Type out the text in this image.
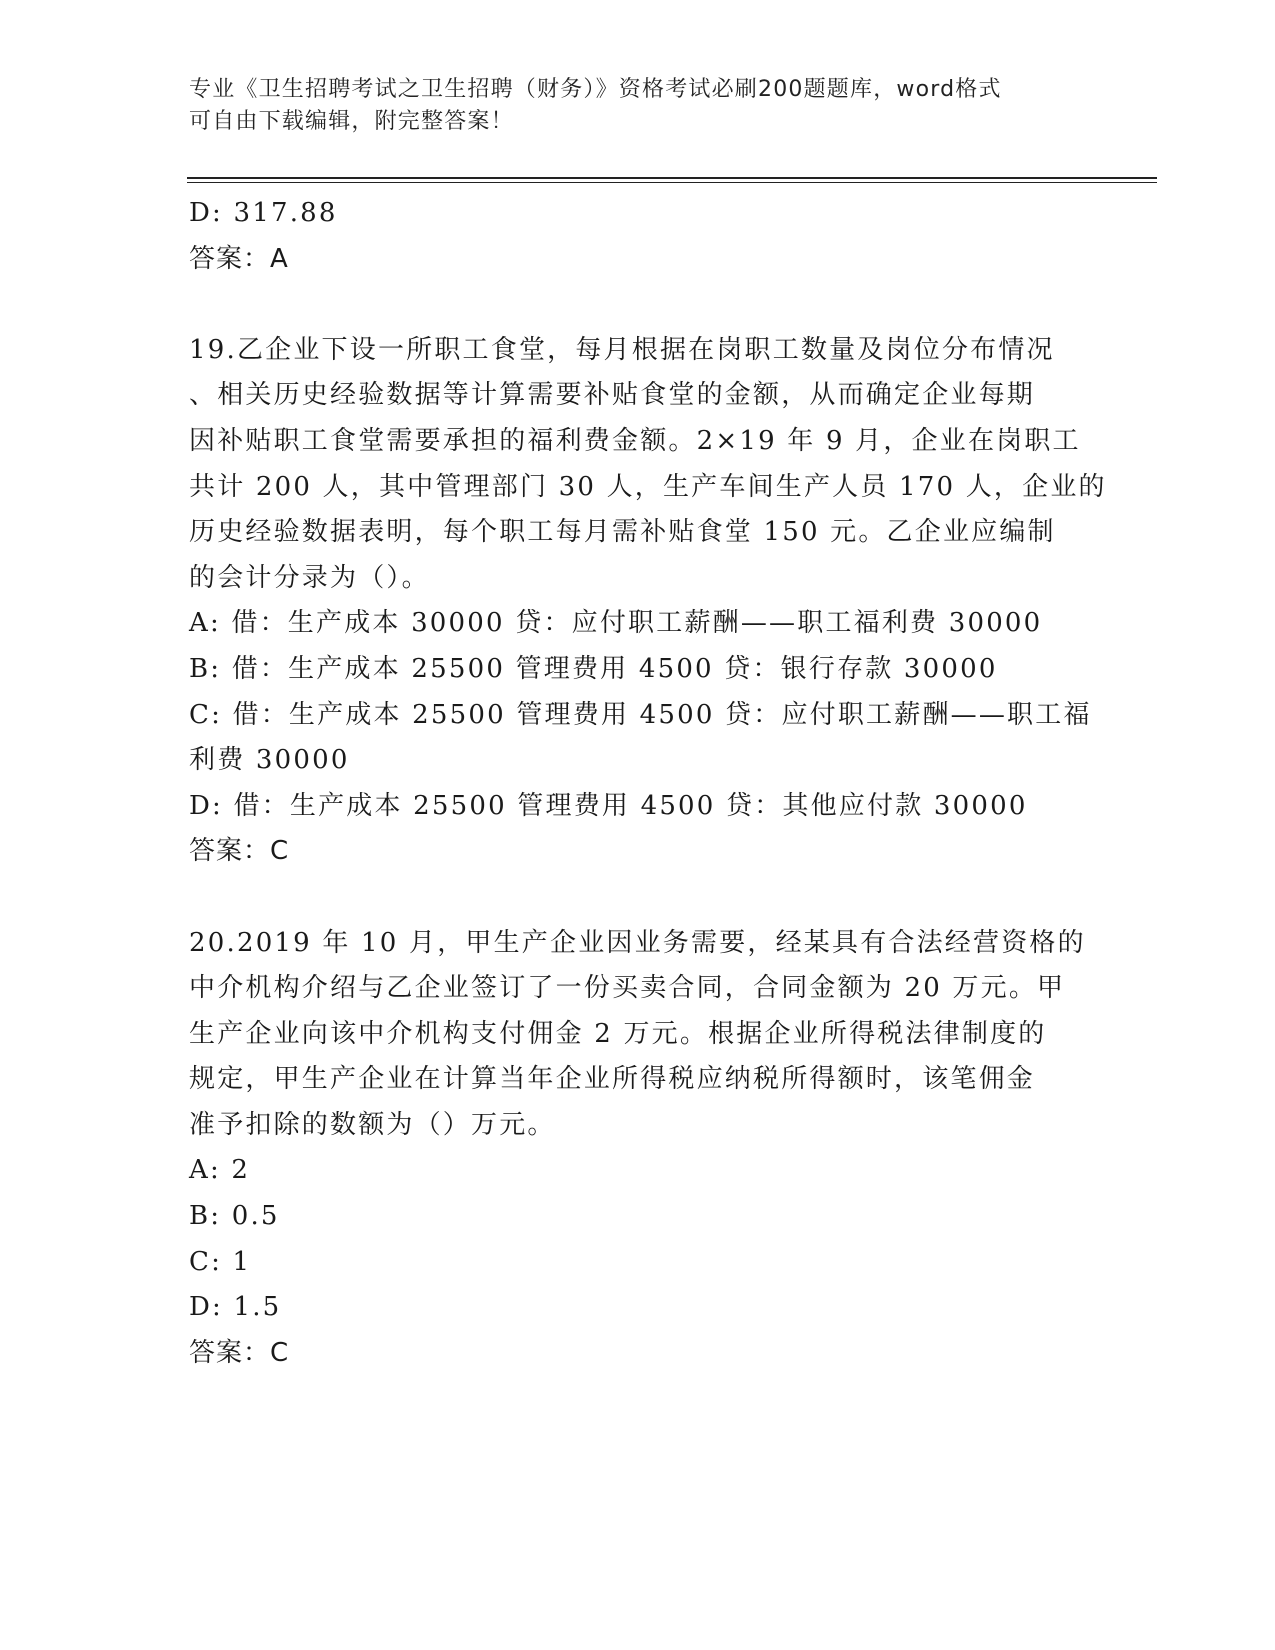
专业《卫生招聘考试之卫生招聘（财务）》资格考试必刷200题题库，word格式
可自由下载编辑，附完整答案！
D: 317.88
答案：A
19.乙企业下设一所职工食堂，每月根据在岗职工数量及岗位分布情况
、相关历史经验数据等计算需要补贴食堂的金额，从而确定企业每期
因补贴职工食堂需要承担的福利费金额。2×19 年 9 月，企业在岗职工
共计 200 人，其中管理部门 30 人，生产车间生产人员 170 人，企业的
历史经验数据表明，每个职工每月需补贴食堂 150 元。乙企业应编制
的会计分录为（）。
A: 借：生产成本 30000 贷：应付职工薪酬——职工福利费 30000
B: 借：生产成本 25500 管理费用 4500 贷：银行存款 30000
C: 借：生产成本 25500 管理费用 4500 贷：应付职工薪酬——职工福
利费 30000
D: 借：生产成本 25500 管理费用 4500 贷：其他应付款 30000
答案：C
20.2019 年 10 月，甲生产企业因业务需要，经某具有合法经营资格的
中介机构介绍与乙企业签订了一份买卖合同，合同金额为 20 万元。甲
生产企业向该中介机构支付佣金 2 万元。根据企业所得税法律制度的
规定，甲生产企业在计算当年企业所得税应纳税所得额时，该笔佣金
准予扣除的数额为（）万元。
A: 2
B: 0.5
C: 1
D: 1.5
答案：C
